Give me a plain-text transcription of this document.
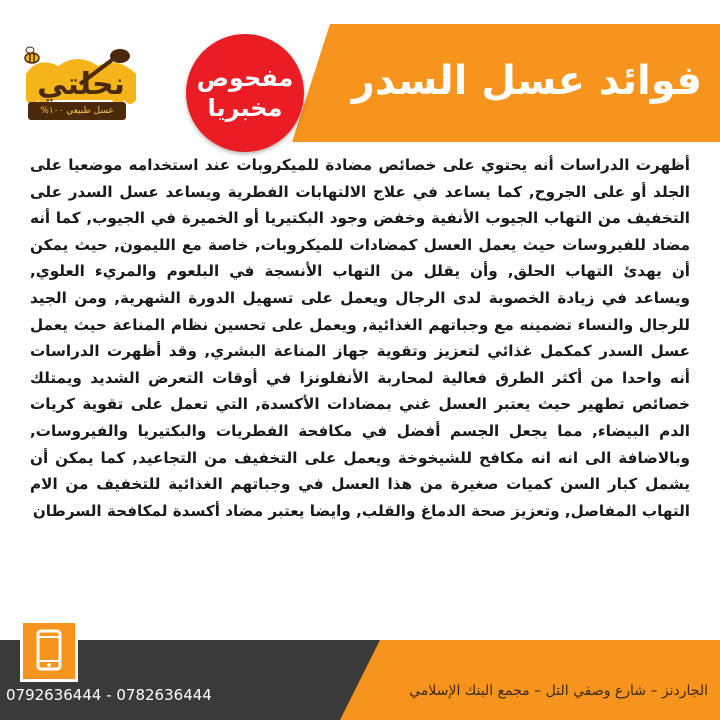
فوائد عسل السدر
مفحوص
مخبريا
نحلتي
عسل طبيعي ١٠٠%
أظهرت الدراسات أنه يحتوي على خصائص مضادة للميكروبات عند استخدامه موضعيا على الجلد أو على الجروح, كما يساعد في علاج الالتهابات الفطرية ويساعد عسل السدر على التخفيف من التهاب الجيوب الأنفية وخفض وجود البكتيريا أو الخميرة في الجيوب, كما أنه مضاد للفيروسات حيث يعمل العسل كمضادات للميكروبات, خاصة مع الليمون, حيث يمكن أن يهدئ التهاب الحلق, وأن يقلل من التهاب الأنسجة في البلعوم والمريء العلوي, ويساعد في زيادة الخصوبة لدى الرجال ويعمل على تسهيل الدورة الشهرية, ومن الجيد للرجال والنساء تضمينه مع وجباتهم الغذائية, ويعمل على تحسين نظام المناعة حيث يعمل عسل السدر كمكمل غذائي لتعزيز وتقوية جهاز المناعة البشري, وقد أظهرت الدراسات أنه واحدا من أكثر الطرق فعالية لمحاربة الأنفلونزا في أوقات التعرض الشديد ويمتلك خصائص تطهير حيث يعتبر العسل غني بمضادات الأكسدة, التي تعمل على تقوية كريات الدم البيضاء, مما يجعل الجسم أفضل في مكافحة الفطريات والبكتيريا والفيروسات, وبالاضافة الى انه انه مكافح للشيخوخة ويعمل على التخفيف من التجاعيد, كما يمكن أن يشمل كبار السن كميات صغيرة من هذا العسل في وجباتهم الغذائية للتخفيف من الام التهاب المفاصل, وتعزيز صحة الدماغ والقلب, وايضا يعتبر مضاد أكسدة لمكافحة السرطان
0792636444 - 0782636444	الجاردنز – شارع وصفي التل – مجمع البنك الإسلامي
